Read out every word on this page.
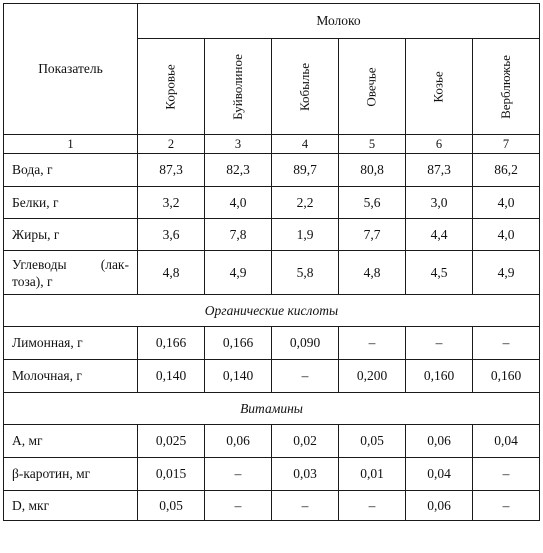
Показатель	Молоко					
	Коровье	Буйволиное	Кобылье	Овечье	Козье	Верблюжье
1	2	3	4	5	6	7
Вода, г	87,3	82,3	89,7	80,8	87,3	86,2
Белки, г	3,2	4,0	2,2	5,6	3,0	4,0
Жиры, г	3,6	7,8	1,9	7,7	4,4	4,0

Углеводы (лак-
тоза), г	4,8	4,9	5,8	4,8	4,5	4,9
Органические кислоты						
Лимонная, г	0,166	0,166	0,090	–	–	–
Молочная, г	0,140	0,140	–	0,200	0,160	0,160
Витамины						
А, мг	0,025	0,06	0,02	0,05	0,06	0,04
β-каротин, мг	0,015	–	0,03	0,01	0,04	–
D, мкг	0,05	–	–	–	0,06	–
